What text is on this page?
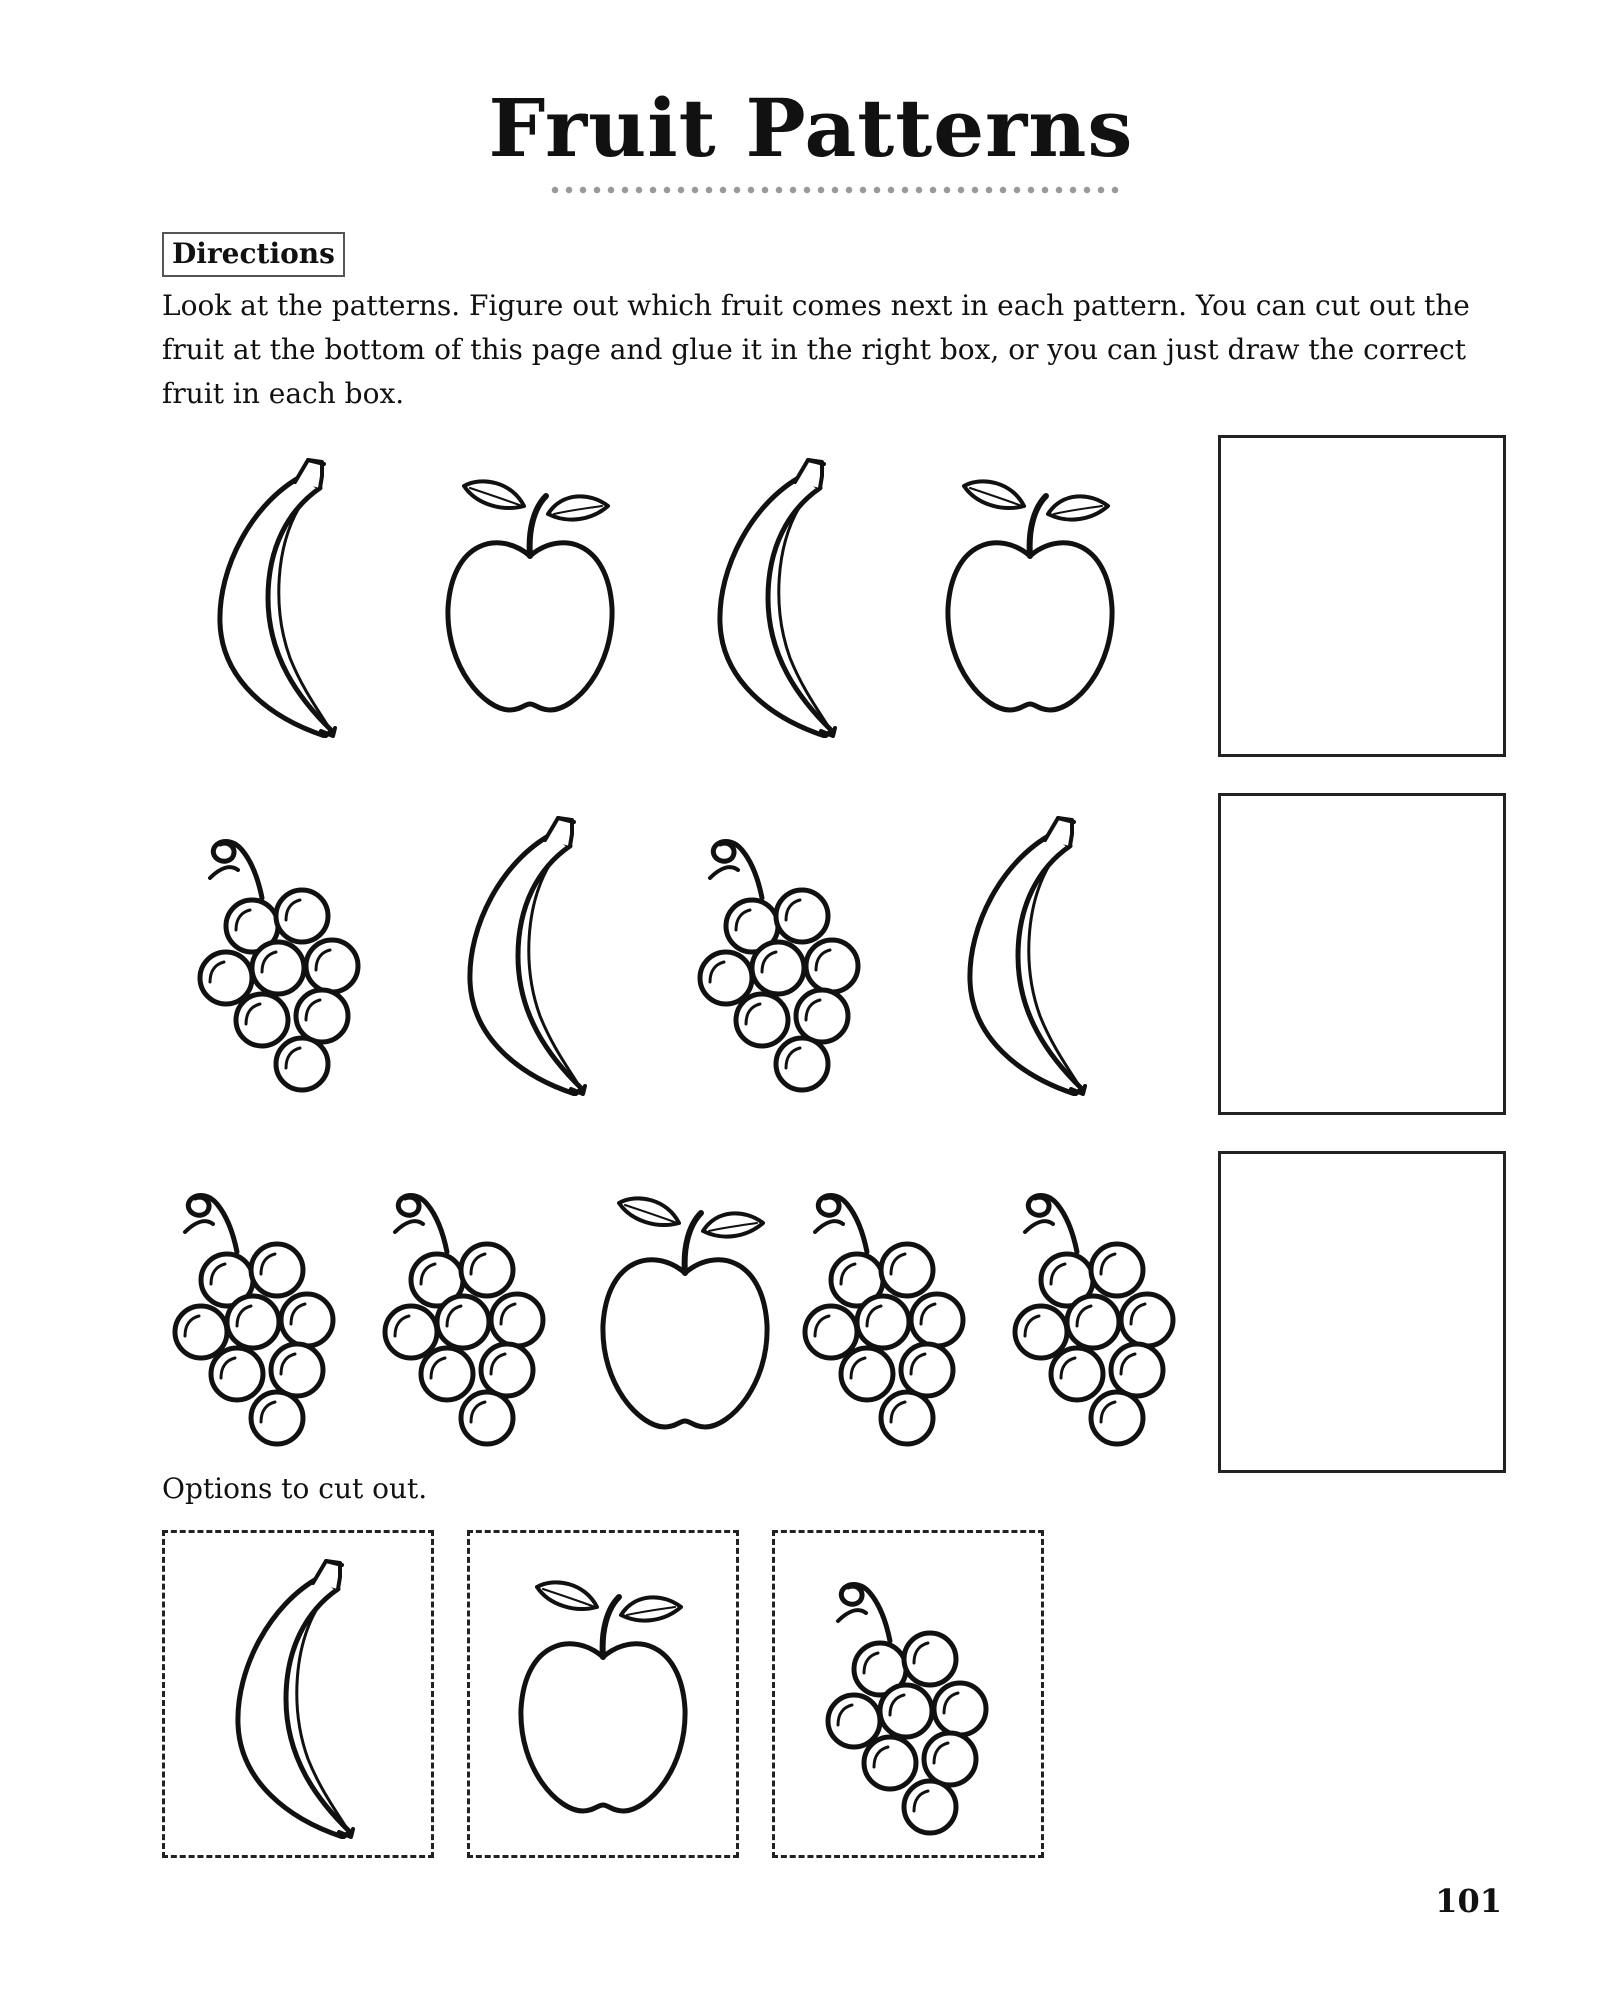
Fruit Patterns
Directions
Look at the patterns. Figure out which fruit comes next in each pattern. You can cut out the fruit at the bottom of this page and glue it in the right box, or you can just draw the correct fruit in each box.
Options to cut out.
101
